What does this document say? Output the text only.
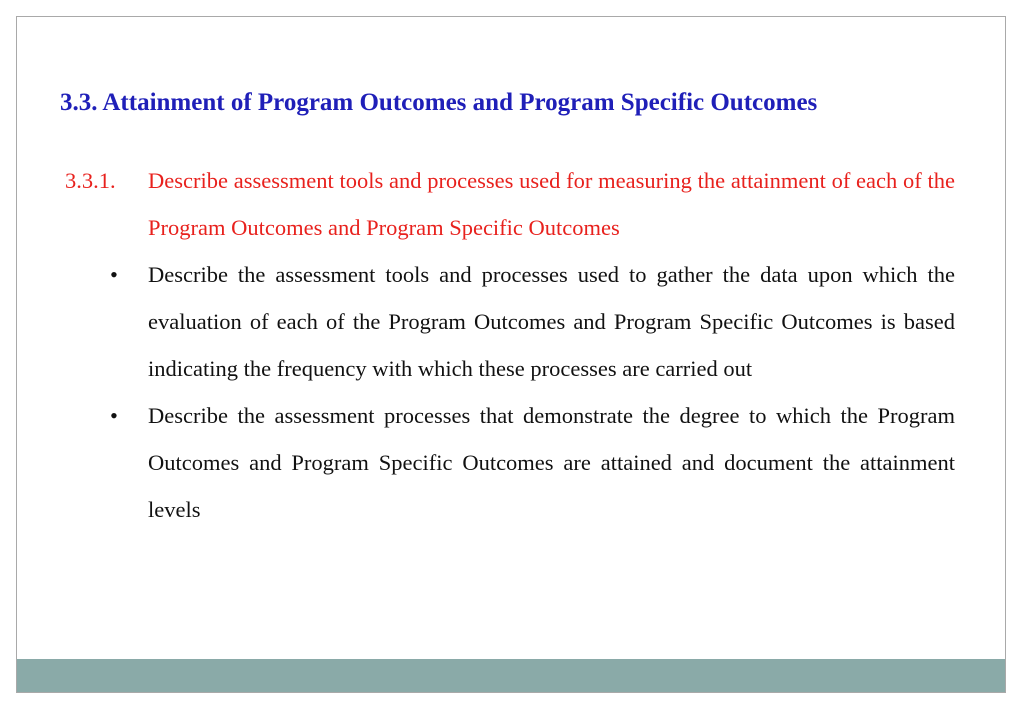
3.3. Attainment of Program Outcomes and Program Specific Outcomes
3.3.1. Describe assessment tools and processes used for measuring the attainment of each of the Program Outcomes and Program Specific Outcomes
• Describe the assessment tools and processes used to gather the data upon which the evaluation of each of the Program Outcomes and Program Specific Outcomes is based indicating the frequency with which these processes are carried out
• Describe the assessment processes that demonstrate the degree to which the Program Outcomes and Program Specific Outcomes are attained and document the attainment levels
